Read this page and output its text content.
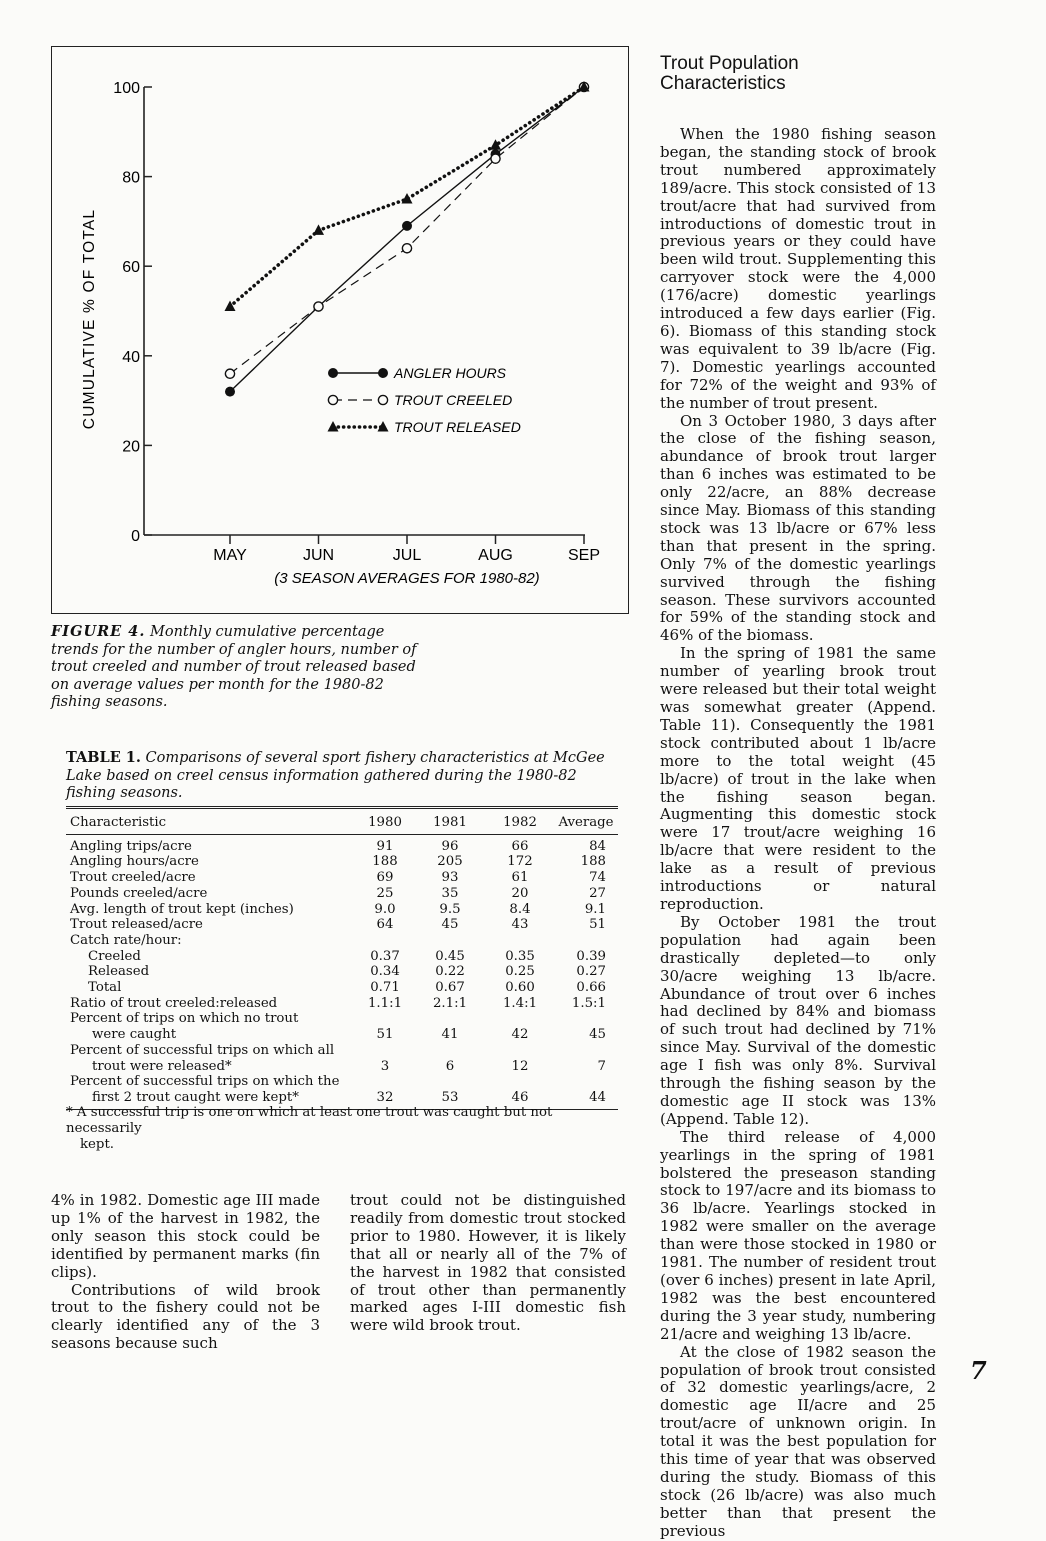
CUMULATIVE % OF TOTAL
(3 SEASON AVERAGES FOR 1980-82)
0
20
40
60
80
100
MAY	JUN	JUL	AUG	SEP
ANGLER HOURS
TROUT CREELED
TROUT RELEASED
FIGURE 4. Monthly cumulative percentage trends for the number of angler hours, number of trout creeled and number of trout released based on average values per month for the 1980-82 fishing seasons.
TABLE 1. Comparisons of several sport fishery characteristics at McGee Lake based on creel census information gathered during the 1980-82 fishing seasons.
Characteristic	1980	1981	1982	Average
Angling trips/acre	91	96	66	84
Angling hours/acre	188	205	172	188
Trout creeled/acre	69	93	61	74
Pounds creeled/acre	25	35	20	27
Avg. length of trout kept (inches)	9.0	9.5	8.4	9.1
Trout released/acre	64	45	43	51
Catch rate/hour:				
Creeled	0.37	0.45	0.35	0.39
Released	0.34	0.22	0.25	0.27
Total	0.71	0.67	0.60	0.66
Ratio of trout creeled:released	1.1:1	2.1:1	1.4:1	1.5:1
Percent of trips on which no trout
were caught	51	41	42	45
Percent of successful trips on which all
trout were released*	3	6	12	7
Percent of successful trips on which the
first 2 trout caught were kept*	32	53	46	44
* A successful trip is one on which at least one trout was caught but not necessarily
kept.

4% in 1982. Domestic age III made up 1% of the harvest in 1982, the only season this stock could be identified by permanent marks (fin clips).

Contributions of wild brook trout to the fishery could not be clearly identified any of the 3 seasons because such

trout could not be distinguished readily from domestic trout stocked prior to 1980. However, it is likely that all or nearly all of the 7% of the harvest in 1982 that consisted of trout other than permanently marked ages I-III domestic fish were wild brook trout.

Trout Population Characteristics

When the 1980 fishing season began, the standing stock of brook trout numbered approximately 189/acre. This stock consisted of 13 trout/acre that had survived from introductions of domestic trout in previous years or they could have been wild trout. Supplementing this carryover stock were the 4,000 (176/acre) domestic yearlings introduced a few days earlier (Fig. 6). Biomass of this standing stock was equivalent to 39 lb/acre (Fig. 7). Domestic yearlings accounted for 72% of the weight and 93% of the number of trout present.

On 3 October 1980, 3 days after the close of the fishing season, abundance of brook trout larger than 6 inches was estimated to be only 22/acre, an 88% decrease since May. Biomass of this standing stock was 13 lb/acre or 67% less than that present in the spring. Only 7% of the domestic yearlings survived through the fishing season. These survivors accounted for 59% of the standing stock and 46% of the biomass.

In the spring of 1981 the same number of yearling brook trout were released but their total weight was somewhat greater (Append. Table 11). Consequently the 1981 stock contributed about 1 lb/acre more to the total weight (45 lb/acre) of trout in the lake when the fishing season began. Augmenting this domestic stock were 17 trout/acre weighing 16 lb/acre that were resident to the lake as a result of previous introductions or natural reproduction.

By October 1981 the trout population had again been drastically depleted—to only 30/acre weighing 13 lb/acre. Abundance of trout over 6 inches had declined by 84% and biomass of such trout had declined by 71% since May. Survival of the domestic age I fish was only 8%. Survival through the fishing season by the domestic age II stock was 13% (Append. Table 12).

The third release of 4,000 yearlings in the spring of 1981 bolstered the preseason standing stock to 197/acre and its biomass to 36 lb/acre. Yearlings stocked in 1982 were smaller on the average than were those stocked in 1980 or 1981. The number of resident trout (over 6 inches) present in late April, 1982 was the best encountered during the 3 year study, numbering 21/acre and weighing 13 lb/acre.

At the close of 1982 season the population of brook trout consisted of 32 domestic yearlings/acre, 2 domestic age II/acre and 25 trout/acre of unknown origin. In total it was the best population for this time of year that was observed during the study. Biomass of this stock (26 lb/acre) was also much better than that present the previous

7
